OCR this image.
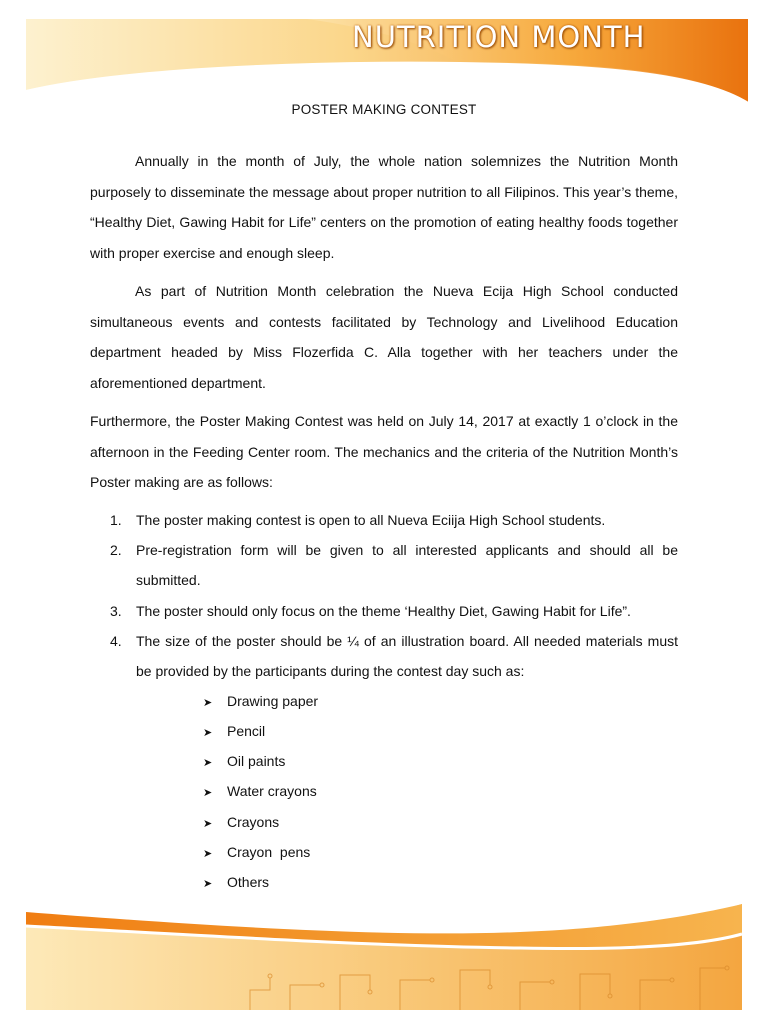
NUTRITION MONTH
POSTER MAKING CONTEST

Annually in the month of July, the whole nation solemnizes the Nutrition Month purposely to disseminate the message about proper nutrition to all Filipinos. This year’s theme, “Healthy Diet, Gawing Habit for Life” centers on the promotion of eating healthy foods together with proper exercise and enough sleep.

As part of Nutrition Month celebration the Nueva Ecija High School conducted simultaneous events and contests facilitated by Technology and Livelihood Education department headed by Miss Flozerfida C. Alla together with her teachers under the aforementioned department.

Furthermore, the Poster Making Contest was held on July 14, 2017 at exactly 1 o’clock in the afternoon in the Feeding Center room. The mechanics and the criteria of the Nutrition Month’s Poster making are as follows:

1. The poster making contest is open to all Nueva Eciija High School students.
2. Pre-registration form will be given to all interested applicants and should all be submitted.
3. The poster should only focus on the theme ‘Healthy Diet, Gawing Habit for Life”.
4. The size of the poster should be ¼ of an illustration board. All needed materials must be provided by the participants during the contest day such as:
➤ Drawing paper
➤ Pencil
➤ Oil paints
➤ Water crayons
➤ Crayons
➤ Crayon  pens
➤ Others
